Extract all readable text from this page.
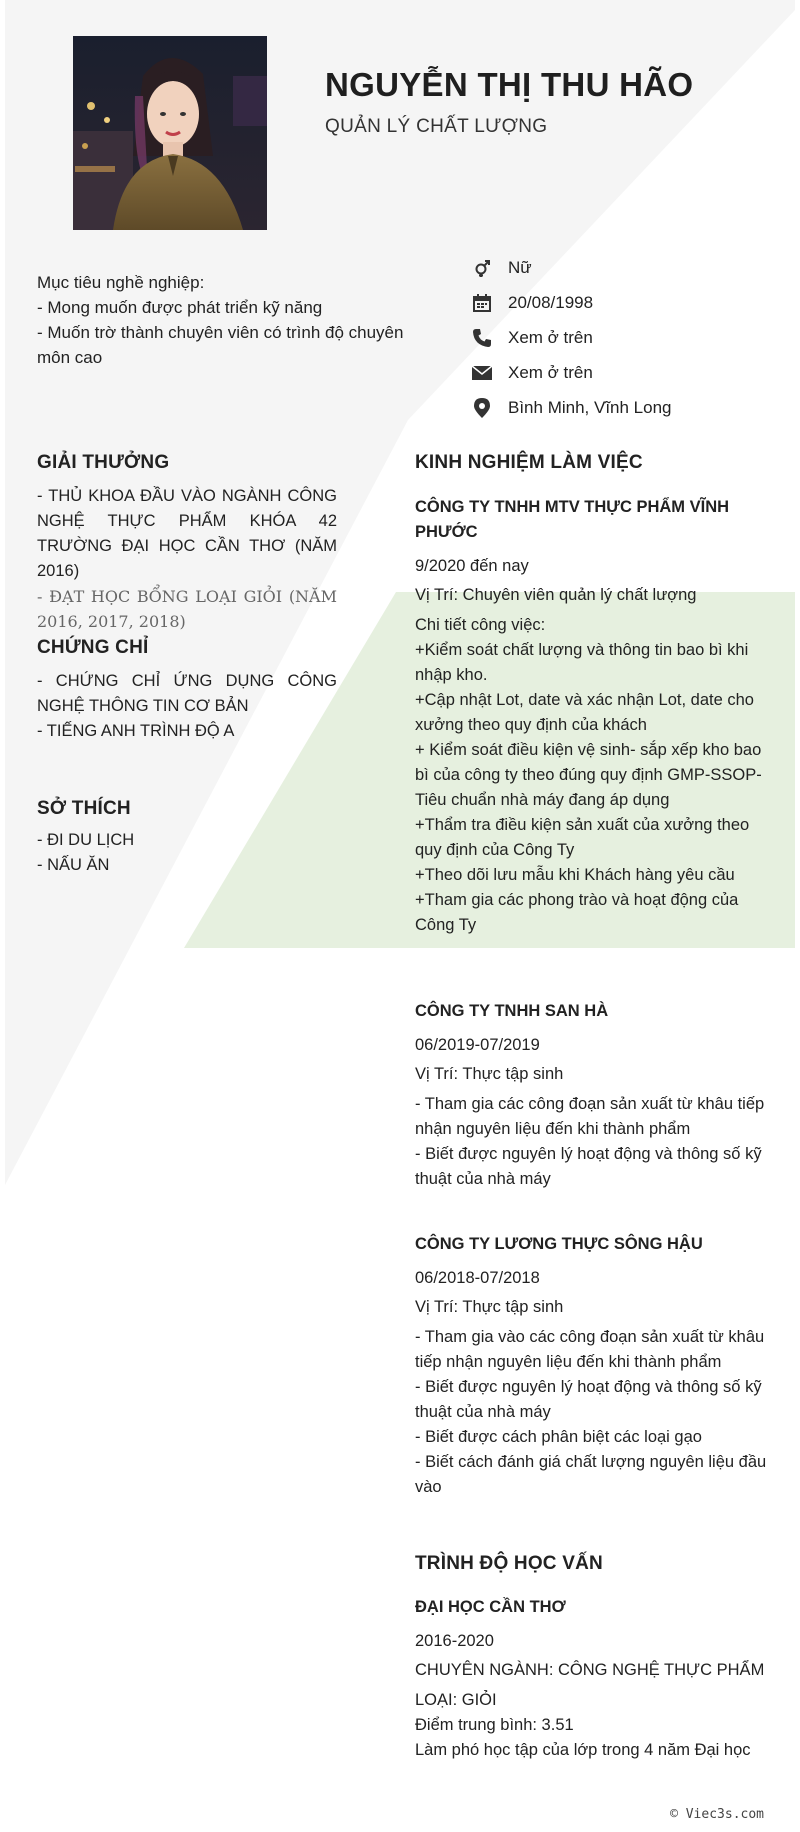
NGUYỄN THỊ THU HÃO
QUẢN LÝ CHẤT LƯỢNG
Mục tiêu nghề nghiệp:
- Mong muốn được phát triển kỹ năng
- Muốn trờ thành chuyên viên có trình độ chuyên môn cao
Nữ
20/08/1998
Xem ở trên
Xem ở trên
Bình Minh, Vĩnh Long
GIẢI THƯỞNG
- THỦ KHOA ĐẦU VÀO NGÀNH CÔNG NGHỆ THỰC PHẨM KHÓA 42 TRƯỜNG ĐẠI HỌC CẦN THƠ (NĂM 2016)
- ĐẠT HỌC BỔNG LOẠI GIỎI (NĂM 2016, 2017, 2018)
CHỨNG CHỈ
- CHỨNG CHỈ ỨNG DỤNG CÔNG NGHỆ THÔNG TIN CƠ BẢN
- TIẾNG ANH TRÌNH ĐỘ A
SỞ THÍCH
- ĐI DU LỊCH
- NẤU ĂN
KINH NGHIỆM LÀM VIỆC
CÔNG TY TNHH MTV THỰC PHẨM VĨNH PHƯỚC
9/2020 đến nay
Vị Trí: Chuyên viên quản lý chất lượng
Chi tiết công việc:
+Kiểm soát chất lượng và thông tin bao bì khi nhập kho.
+Cập nhật Lot, date và xác nhận Lot, date cho xưởng theo quy định của khách
+ Kiểm soát điều kiện vệ sinh- sắp xếp kho bao bì của công ty theo đúng quy định GMP-SSOP-Tiêu chuẩn nhà máy đang áp dụng
+Thẩm tra điều kiện sản xuất của xưởng theo quy định của Công Ty
+Theo dõi lưu mẫu khi Khách hàng yêu cầu
+Tham gia các phong trào và hoạt động của Công Ty
CÔNG TY TNHH SAN HÀ
06/2019-07/2019
Vị Trí: Thực tập sinh
- Tham gia các công đoạn sản xuất từ khâu tiếp nhận nguyên liệu đến khi thành phẩm
- Biết được nguyên lý hoạt động và thông số kỹ thuật của nhà máy
CÔNG TY LƯƠNG THỰC SÔNG HẬU
06/2018-07/2018
Vị Trí: Thực tập sinh
- Tham gia vào các công đoạn sản xuất từ khâu tiếp nhận nguyên liệu đến khi thành phẩm
- Biết được nguyên lý hoạt động và thông số kỹ thuật của nhà máy
- Biết được cách phân biệt các loại gạo
- Biết cách đánh giá chất lượng nguyên liệu đầu vào
TRÌNH ĐỘ HỌC VẤN
ĐẠI HỌC CẦN THƠ
2016-2020
CHUYÊN NGÀNH: CÔNG NGHỆ THỰC PHẨM
LOẠI: GIỎI
Điểm trung bình: 3.51
Làm phó học tập của lớp trong 4 năm Đại học
© Viec3s.com
